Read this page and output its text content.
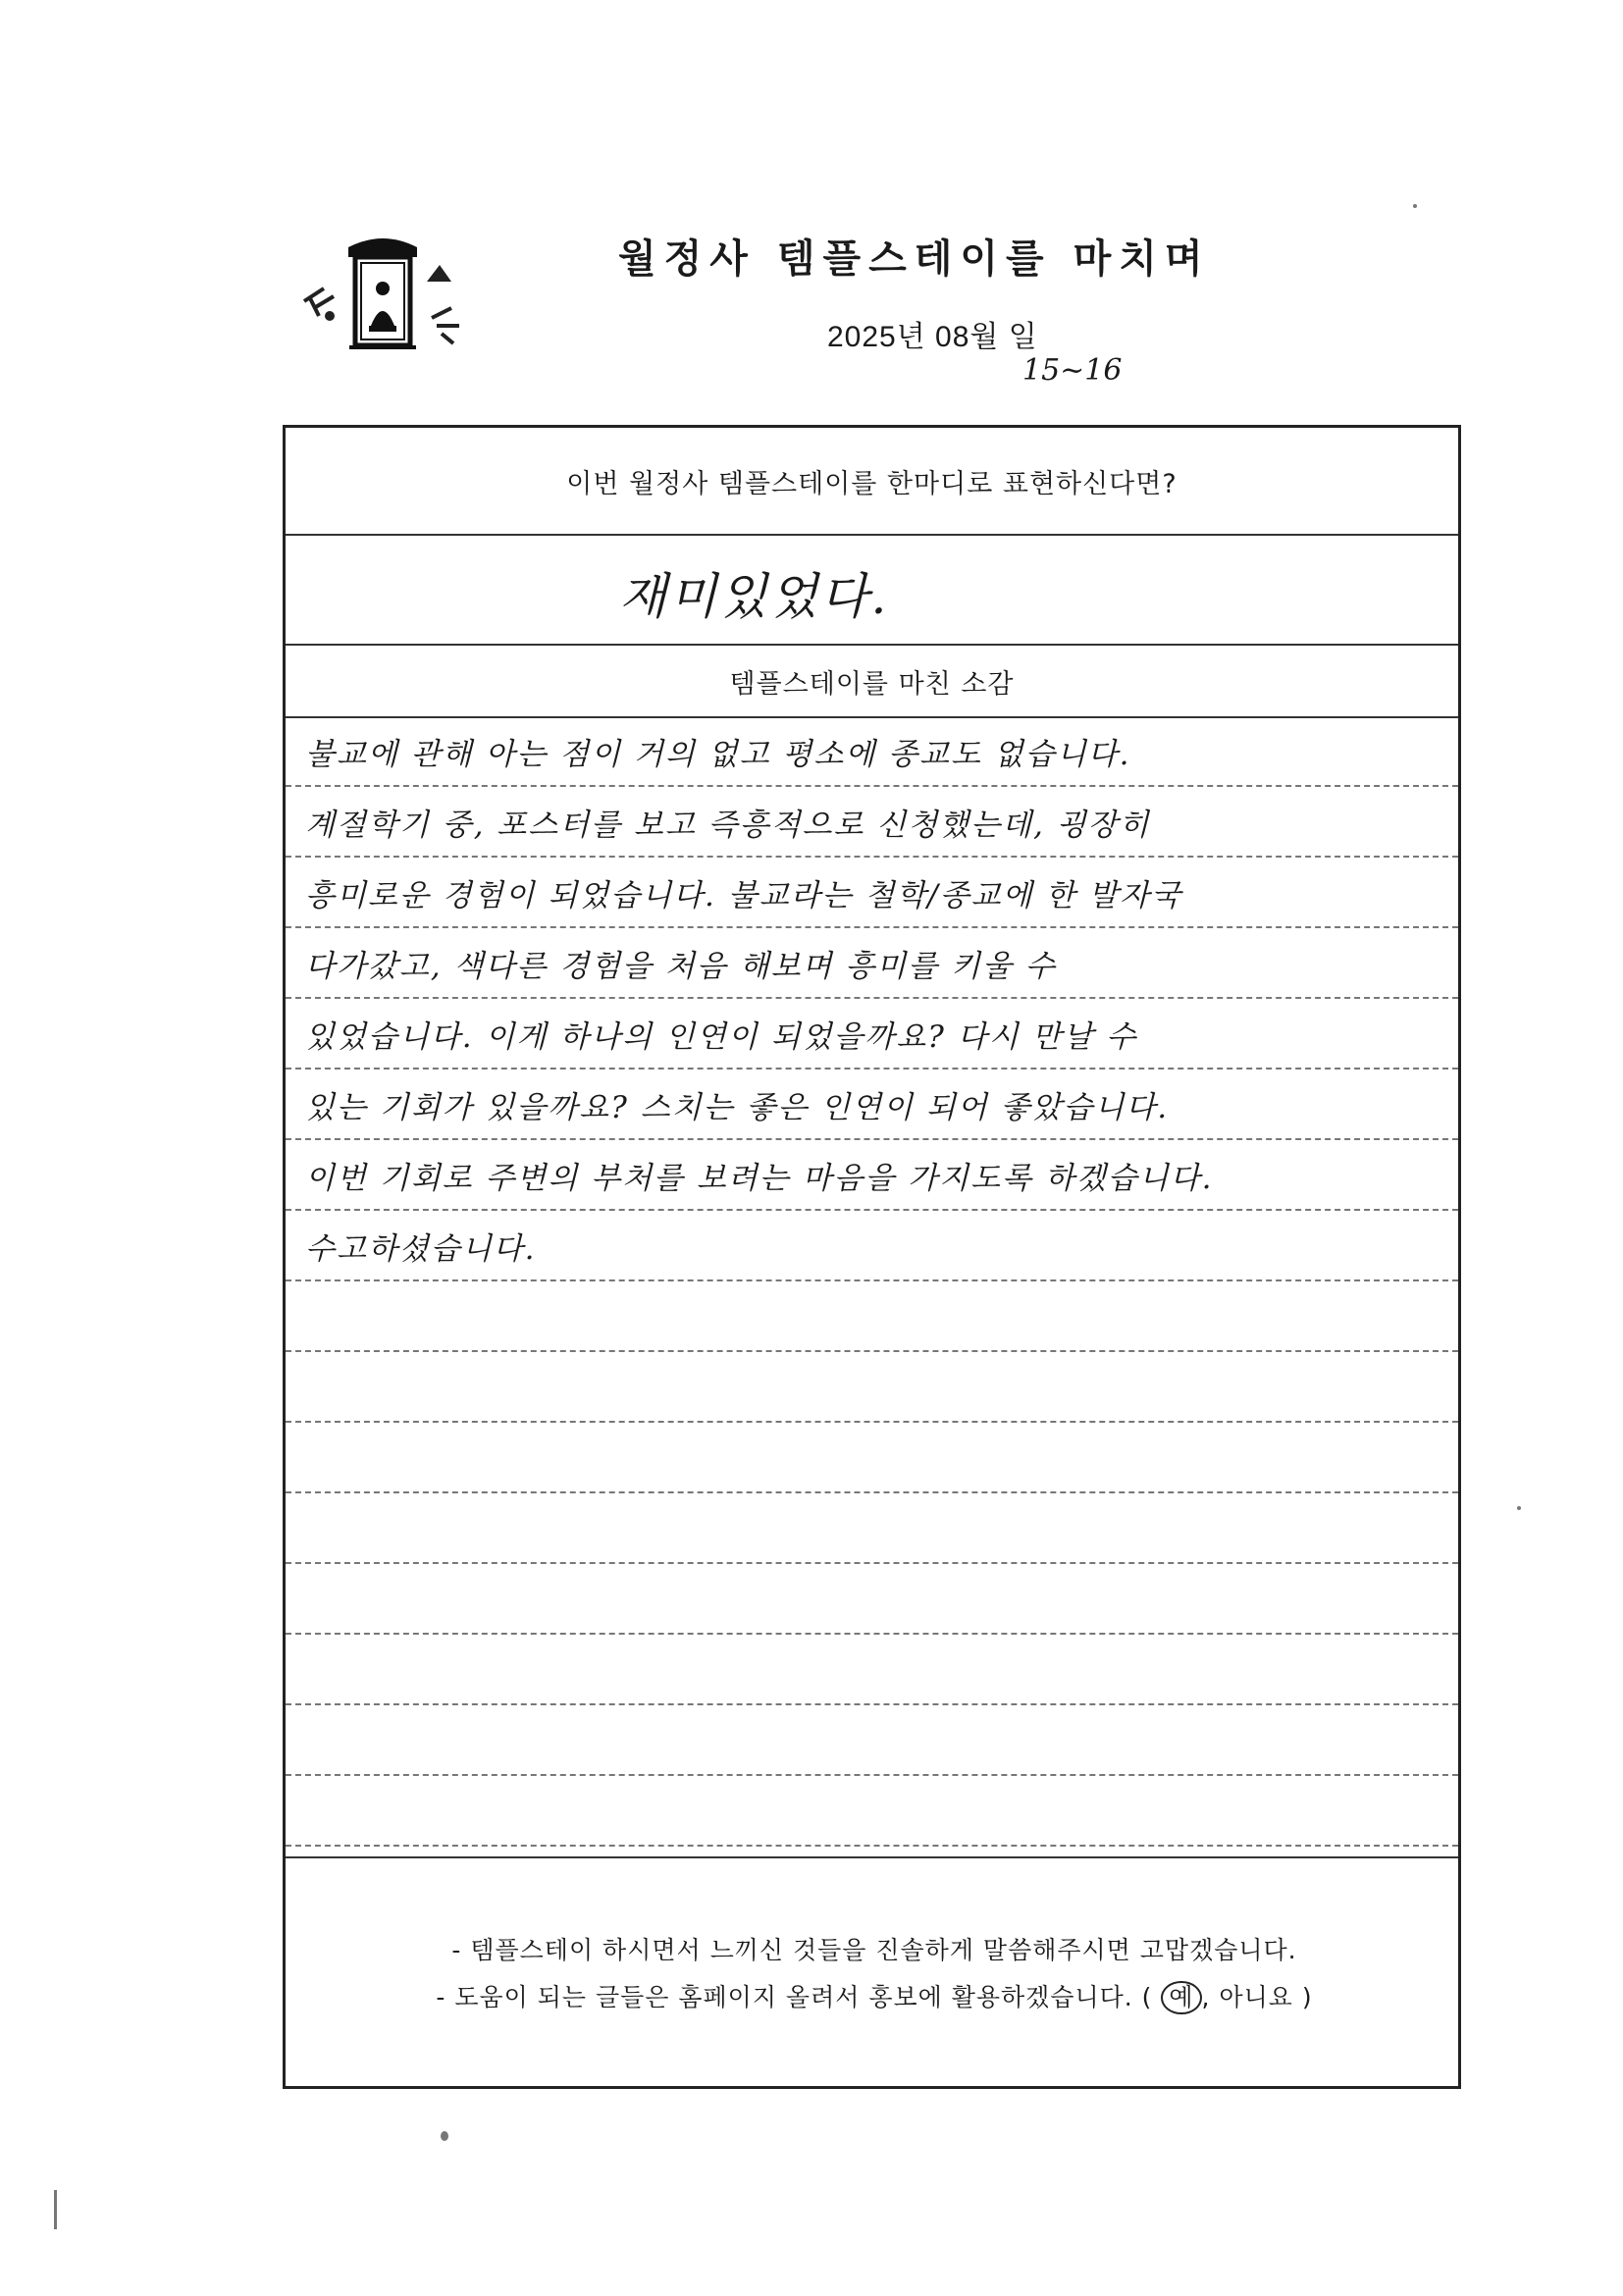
월정사 템플스테이를 마치며
2025년 08월 일
15~16
이번 월정사 템플스테이를 한마디로 표현하신다면?
재미있었다.
템플스테이를 마친 소감
불교에 관해 아는 점이 거의 없고 평소에 종교도 없습니다.
계절학기 중, 포스터를 보고 즉흥적으로 신청했는데, 굉장히
흥미로운 경험이 되었습니다. 불교라는 철학/종교에 한 발자국
다가갔고, 색다른 경험을 처음 해보며 흥미를 키울 수
있었습니다. 이게 하나의 인연이 되었을까요? 다시 만날 수
있는 기회가 있을까요? 스치는 좋은 인연이 되어 좋았습니다.
이번 기회로 주변의 부처를 보려는 마음을 가지도록 하겠습니다.
수고하셨습니다.
- 템플스테이 하시면서 느끼신 것들을 진솔하게 말씀해주시면 고맙겠습니다.
- 도움이 되는 글들은 홈페이지 올려서 홍보에 활용하겠습니다. ( 예 , 아니요 )
